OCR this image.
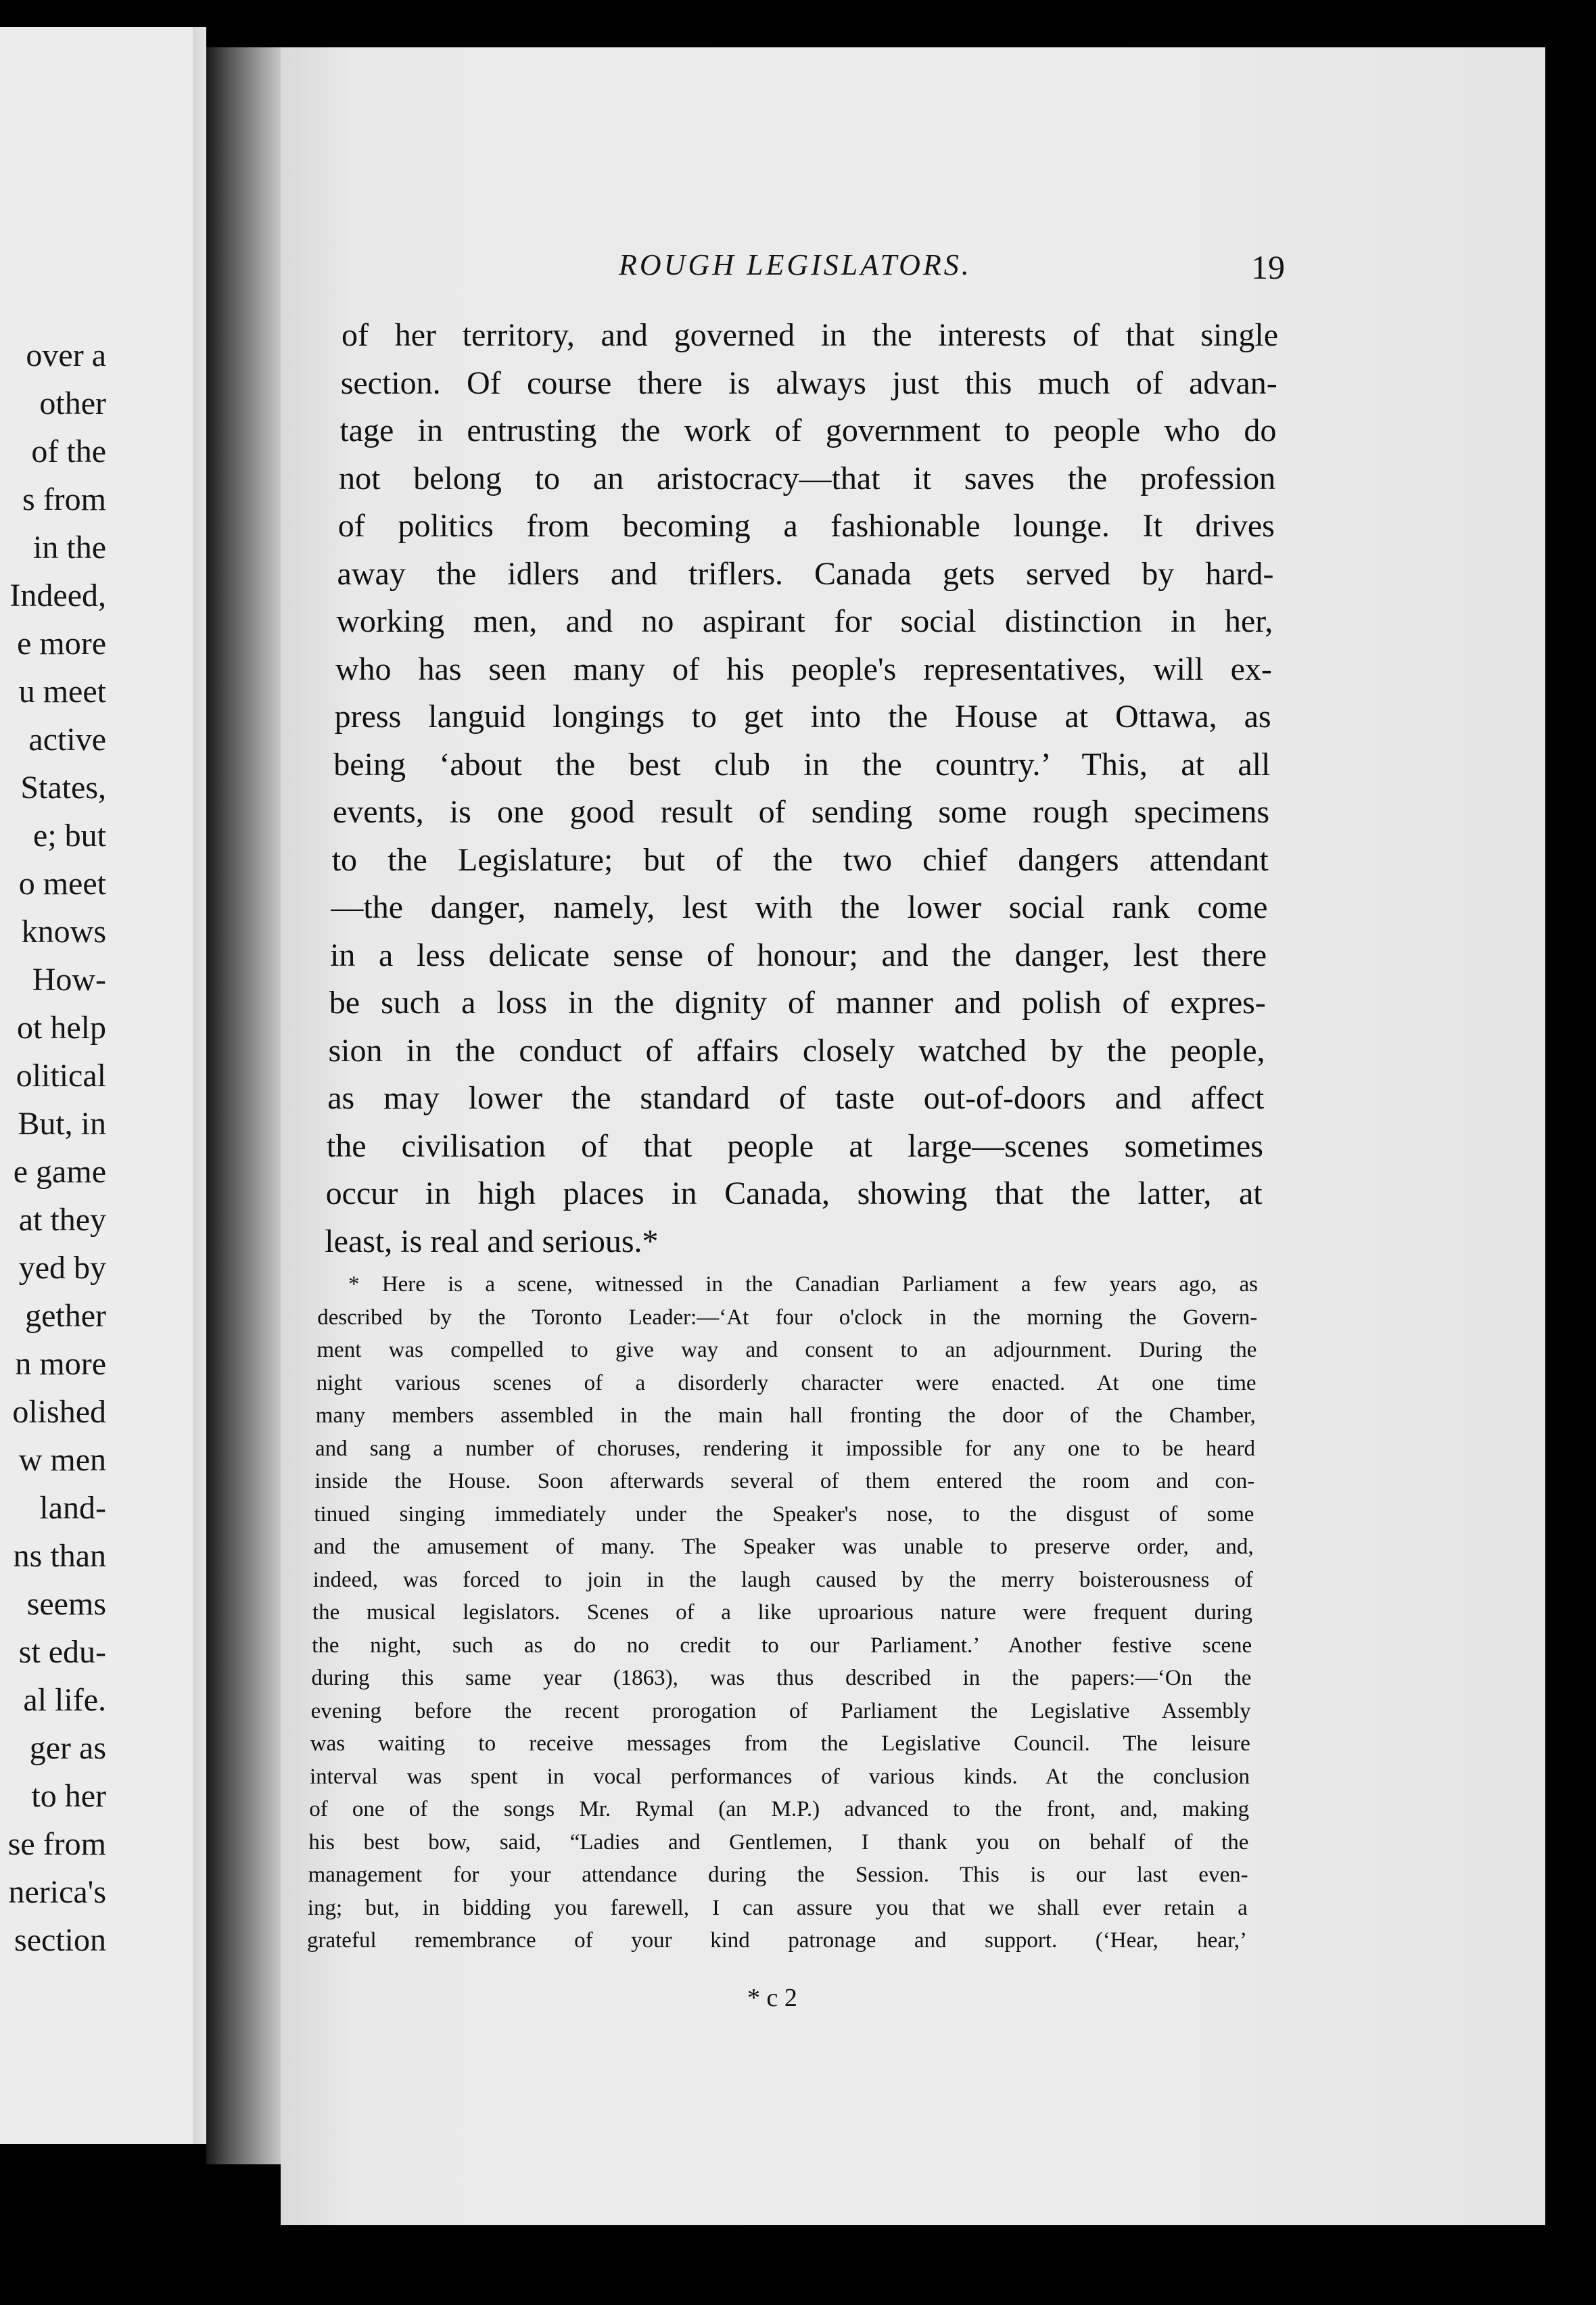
over a
other
of the
s from
in the
Indeed,
e more
u meet
active
States,
e; but
o meet
knows
How-
ot help
olitical
But, in
e game
at they
yed by
gether
n more
olished
w men
land-
ns than
seems
st edu-
al life.
ger as
to her
se from
nerica's
section
ROUGH LEGISLATORS.	19
of her territory, and governed in the interests of that single
section. Of course there is always just this much of advan-
tage in entrusting the work of government to people who do
not belong to an aristocracy—that it saves the profession
of politics from becoming a fashionable lounge. It drives
away the idlers and triflers. Canada gets served by hard-
working men, and no aspirant for social distinction in her,
who has seen many of his people's representatives, will ex-
press languid longings to get into the House at Ottawa, as
being ‘about the best club in the country.’ This, at all
events, is one good result of sending some rough specimens
to the Legislature; but of the two chief dangers attendant
—the danger, namely, lest with the lower social rank come
in a less delicate sense of honour; and the danger, lest there
be such a loss in the dignity of manner and polish of expres-
sion in the conduct of affairs closely watched by the people,
as may lower the standard of taste out-of-doors and affect
the civilisation of that people at large—scenes sometimes
occur in high places in Canada, showing that the latter, at
least, is real and serious.*
* Here is a scene, witnessed in the Canadian Parliament a few years ago, as
described by the Toronto Leader:—‘At four o'clock in the morning the Govern-
ment was compelled to give way and consent to an adjournment. During the
night various scenes of a disorderly character were enacted. At one time
many members assembled in the main hall fronting the door of the Chamber,
and sang a number of choruses, rendering it impossible for any one to be heard
inside the House. Soon afterwards several of them entered the room and con-
tinued singing immediately under the Speaker's nose, to the disgust of some
and the amusement of many. The Speaker was unable to preserve order, and,
indeed, was forced to join in the laugh caused by the merry boisterousness of
the musical legislators. Scenes of a like uproarious nature were frequent during
the night, such as do no credit to our Parliament.’ Another festive scene
during this same year (1863), was thus described in the papers:—‘On the
evening before the recent prorogation of Parliament the Legislative Assembly
was waiting to receive messages from the Legislative Council. The leisure
interval was spent in vocal performances of various kinds. At the conclusion
of one of the songs Mr. Rymal (an M.P.) advanced to the front, and, making
his best bow, said, “Ladies and Gentlemen, I thank you on behalf of the
management for your attendance during the Session. This is our last even-
ing; but, in bidding you farewell, I can assure you that we shall ever retain a
grateful remembrance of your kind patronage and support. (‘Hear, hear,’
* c 2
